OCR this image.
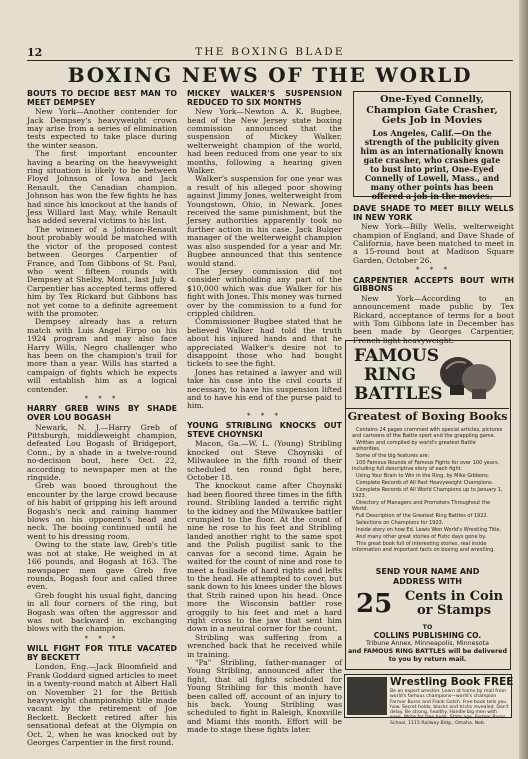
12	THE BOXING BLADE
BOXING NEWS OF THE WORLD
BOUTS TO DECIDE BEST MAN TO MEET DEMPSEY

New York—Another contender for Jack Dempsey's heavyweight crown may arise from a series of elimination tests expected to take place during the winter season.

The first important encounter having a bearing on the heavyweight ring situation is likely to be between Floyd Johnson of Iowa and Jack Renault, the Canadian champion. Johnson has won the few fights he has had since his knockout at the hands of Jess Willard last May, while Renault has added several victims to his list.

The winner of a Johnson-Renault bout probably would be matched with the victor of the proposed contest between Georges Carpentier of France, and Tom Gibbons of St. Paul, who went fifteen rounds with Dempsey at Shelby, Mont., last July 4. Carpentier has accepted terms offered him by Tex Rickard but Gibbons has not yet come to a definite agreement with the promoter.

Dempsey already has a return match with Luis Angel Firpo on his 1924 program and may also face Harry Wills, Negro challenger who has been on the champion's trail for more than a year. Wills has started a campaign of fights which he expects will establish him as a logical contender.

* * *
HARRY GREB WINS BY SHADE OVER LOU BOGASH

Newark, N. J.—Harry Greb of Pittsburgh, middleweight champion, defeated Lou Bogash of Bridgeport, Conn., by a shade in a twelve-round no-decision bout, here Oct. 22, according to newspaper men at the ringside.

Greb was booed throughout the encounter by the large crowd because of his habit of gripping his left around Bogash's neck and raining hammer blows on his opponent's head and neck. The booing continued until he went to his dressing room.

Owing to the state law, Greb's title was not at stake. He weighed in at 166 pounds, and Bogash at 163. The newspaper men gave Greb five rounds, Bogash four and called three even.

Greb fought his usual fight, dancing in all four corners of the ring, but Bogash was often the aggressor and was not backward in exchanging blows with the champion.

* * *
WILL FIGHT FOR TITLE VACATED BY BECKETT

London, Eng.—Jack Bloomfield and Frank Goddard signed articles to meet in a twenty-round match at Albert Hall on November 21 for the British heavyweight championship title made vacant by the retirement of Joe Beckett. Beckett retired after his sensational defeat at the Olympia on Oct. 2, when he was knocked out by Georges Carpentier in the first round.

MICKEY WALKER'S SUSPENSION REDUCED TO SIX MONTHS

New York—Newton A. K. Bugbee, head of the New Jersey state boxing commission announced that the suspension of Mickey Walker, welterweight champion of the world, had been reduced from one year to six months, following a hearing given Walker.

Walker's suspension for one year was a result of his alleged poor showing against Jimmy Jones, welterweight from Youngstown, Ohio, in Newark. Jones received the same punishment, but the Jersey authorities apparently took no further action in his case. Jack Bulger manager of the welterweight champion was also suspended for a year and Mr. Bugbee announced that this sentence would stand.

The Jersey commission did not consider withholding any part of the $10,000 which was due Walker for his fight with Jones. This money was turned over by the commission to a fund for crippled children.

Commissioner Bugbee stated that he believed Walker had told the truth about his injured hands and that he appreciated Walker's desire not to disappoint those who had bought tickets to see the fight.

Jones has retained a lawyer and will take his case into the civil courts if necessary, to have his suspension lifted and to have his end of the purse paid to him.

* * *
YOUNG STRIBLING KNOCKS OUT STEVE CHOYNSKI

Macon, Ga.—W. L. (Young) Stribling knocked out Steve Choynski of Milwaukee in the fifth round of their scheduled ten round fight here, October 18.

The knockout came after Choynski had been floored three times in the fifth round. Stribling landed a terrific right to the kidney and the Milwaukee battler crumpled to the floor. At the count of nine he rose to his feet and Stribling landed another right to the same spot and the Polish pugilist sank to the canvas for a second time. Again he waited for the count of nine and rose to meet a fusilade of hard rights and lefts to the head. He attempted to cover, but sank down to his knees under the blows that Strib rained upon his head. Once more the Wisconsin battler rose groggily to his feet and met a hard right cross to the jaw that sent him down in a neutral corner for the count.

Stribling was suffering from a wrenched back that he received while in training.

"Pa" Stribling, father-manager of Young Stribling, announced after the fight, that all fights scheduled for Young Stribling for this month have been called off, account of an injury to his back. Young Stribling was scheduled to fight in Raleigh, Knoxville and Miami this month. Effort will be made to stage these fights later.

One-Eyed Connelly, Champion Gate Crasher, Gets Job in Movies
Los Angeles, Calif.—On the strength of the publicity given him as an internationally known gate crasher, who crashes gate to bust into print, One-Eyed Connelly of Lowell, Mass., and many other points has been offered a job in the movies.
DAVE SHADE TO MEET BILLY WELLS IN NEW YORK

New York—Billy Wells, welterweight champion of England, and Dave Shade of California, have been matched to meet in a 15-round bout at Madison Square Garden, October 26.

* * *
CARPENTIER ACCEPTS BOUT WITH GIBBONS

New York—According to an announcement made public by Tex Rickard, acceptance of terms for a bout with Tom Gibbons late in December has been made by Georges Carpentier, French light heavyweight.

FAMOUS
RING
BATTLES
Greatest of Boxing Books

Contains 24 pages crammed with special articles, pictures and cartoons of the Battle sport and the grappling game.

Written and compiled by world's greatest Battle authorities.

Some of the big features are:

100 Famous Rounds of Famous Fights for over 100 years, including full descriptive story of each fight.

Using Your Brain to Win in the Ring, by Mike Gibbons.

Complete Records of All Past Heavyweight Champions.

Complete Records of All World Champions up to January 1, 1923.

Directory of Managers and Promoters Throughout the World.

Full Description of the Greatest Ring Battles of 1922.

Selections on Champions for 1923.

Inside story on how Ed. Lewis Won World's Wrestling Title.

And many other great stories of Fistic days gone by.

This great book full of interesting stories, real inside information and important facts on boxing and wrestling.

SEND YOUR NAME AND
ADDRESS WITH
25 Cents in Coin
or Stamps
TO
COLLINS PUBLISHING CO.
Tribune Annex, Minneapolis, Minnesota
and FAMOUS RING BATTLES will be delivered to you by return mail.
Wrestling Book FREE
Be an expert wrestler. Learn at home by mail from world's famous champions—world's champion Farmer Burns and Frank Gotch. Free book tells you how. Secret holds, blocks and tricks revealed. Don't delay. Be strong, healthy. Handle big men with ease. Write for free book. State age. Farmer Burns School, 1115 Railway Bldg., Omaha, Neb.
